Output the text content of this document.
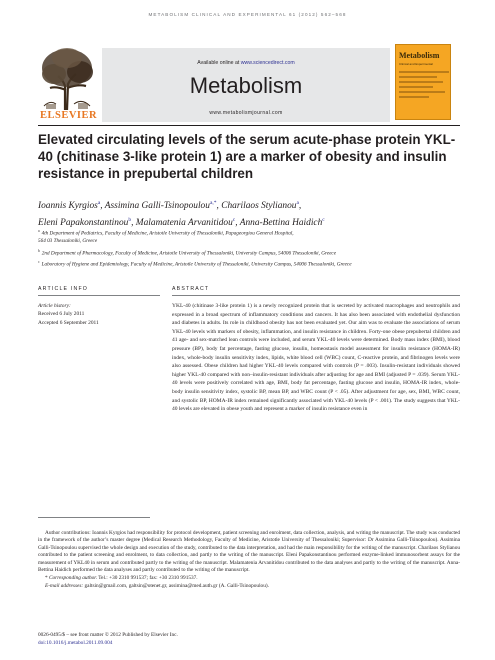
METABOLISM CLINICAL AND EXPERIMENTAL 61 (2012) 562–568
ELSEVIER
Available online at www.sciencedirect.com
Metabolism
www.metabolismjournal.com
Metabolism
Clinical and Experimental
Elevated circulating levels of the serum acute-phase protein YKL-40 (chitinase 3-like protein 1) are a marker of obesity and insulin resistance in prepubertal children
Ioannis Kyrgios$^a$, Assimina Galli-Tsinopoulou$^{a,*}$, Charilaos Stylianou$^a$,
Eleni Papakonstantinou$^b$, Malamatenia Arvanitidou$^c$, Anna-Bettina Haidich$^c$
$^a$ 4th Department of Pediatrics, Faculty of Medicine, Aristotle University of Thessaloniki, Papageorgiou General Hospital,
564 03 Thessaloniki, Greece
$^b$ 2nd Department of Pharmacology, Faculty of Medicine, Aristotle University of Thessaloniki, University Campus, 54006 Thessaloniki, Greece
$^c$ Laboratory of Hygiene and Epidemiology, Faculty of Medicine, Aristotle University of Thessaloniki, University Campus, 54006 Thessaloniki, Greece
ARTICLE INFO	ABSTRACT
Article history:
Received 6 July 2011
Accepted 6 September 2011

YKL-40 (chitinase 3-like protein 1) is a newly recognized protein that is secreted by activated macrophages and neutrophils and expressed in a broad spectrum of inflammatory conditions and cancers. It has also been associated with endothelial dysfunction and diabetes in adults. Its role in childhood obesity has not been evaluated yet. Our aim was to evaluate the associations of serum YKL-40 levels with markers of obesity, inflammation, and insulin resistance in children. Forty-one obese prepubertal children and 41 age- and sex-matched lean controls were included, and serum YKL-40 levels were determined. Body mass index (BMI), blood pressure (BP), body fat percentage, fasting glucose, insulin, homeostasis model assessment for insulin resistance (HOMA-IR) index, whole-body insulin sensitivity index, lipids, white blood cell (WBC) count, C-reactive protein, and fibrinogen levels were also assessed. Obese children had higher YKL-40 levels compared with controls (P = .003). Insulin-resistant individuals showed higher YKL-40 compared with non–insulin-resistant individuals after adjusting for age and BMI (adjusted P = .039). Serum YKL-40 levels were positively correlated with age, BMI, body fat percentage, fasting glucose and insulin, HOMA-IR index, whole-body insulin sensitivity index, systolic BP, mean BP, and WBC count (P < .05). After adjustment for age, sex, BMI, WBC count, and systolic BP, HOMA-IR index remained significantly associated with YKL-40 levels (P < .001). The study suggests that YKL-40 levels are elevated in obese youth and represent a marker of insulin resistance even in

Author contributions: Ioannis Kyrgios had responsibility for protocol development, patient screening and enrolment, data collection, analysis, and writing the manuscript. The study was conducted in the framework of the author’s master degree (Medical Research Methodology, Faculty of Medicine, Aristotle University of Thessaloniki; Supervisor: Dr Assimina Galli-Tsinopoulou). Assimina Galli-Tsinopoulou supervised the whole design and execution of the study, contributed to the data interpretation, and had the main responsibility for the writing of the manuscript. Charilaos Stylianou contributed to the patient screening and enrolment, to data collection, and partly to the writing of the manuscript. Eleni Papakonstantinou performed enzyme-linked immunosorbent assays for the measurement of YKL40 in serum and contributed partly to the writing of the manuscript. Malamatenia Arvanitidou contributed to the data analyses and partly to the writing of the manuscript. Anna-Bettina Haidich performed the data analyses and partly contributed to the writing of the manuscript.

* Corresponding author. Tel.: +30 2310 991537; fax: +30 2310 991537.

E-mail addresses: galtsin@gmail.com, galtsin@otenet.gr, assimina@med.auth.gr (A. Galli-Tsinopoulou).

0026-0495/$ – see front matter © 2012 Published by Elsevier Inc.
doi:10.1016/j.metabol.2011.09.004
